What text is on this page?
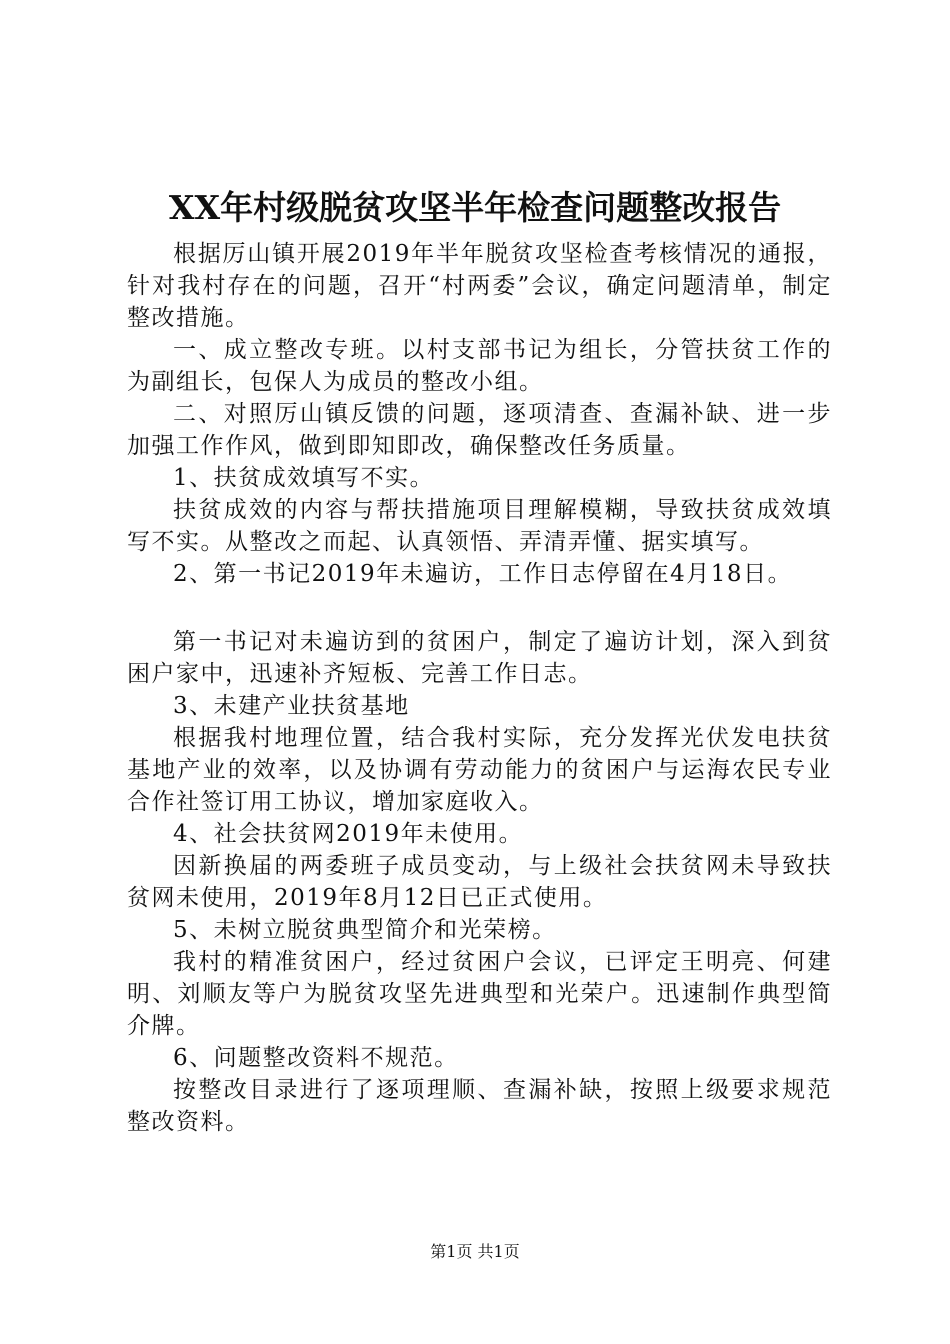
XX年村级脱贫攻坚半年检查问题整改报告

根据厉山镇开展2019年半年脱贫攻坚检查考核情况的通报，针对我村存在的问题，召开“村两委”会议，确定问题清单，制定整改措施。

一、成立整改专班。以村支部书记为组长，分管扶贫工作的为副组长，包保人为成员的整改小组。

二、对照厉山镇反馈的问题，逐项清查、查漏补缺、进一步加强工作作风，做到即知即改，确保整改任务质量。

1、扶贫成效填写不实。

扶贫成效的内容与帮扶措施项目理解模糊，导致扶贫成效填写不实。从整改之而起、认真领悟、弄清弄懂、据实填写。

2、第一书记2019年未遍访，工作日志停留在4月18日。

第一书记对未遍访到的贫困户，制定了遍访计划，深入到贫困户家中，迅速补齐短板、完善工作日志。

3、未建产业扶贫基地

根据我村地理位置，结合我村实际，充分发挥光伏发电扶贫基地产业的效率，以及协调有劳动能力的贫困户与运海农民专业合作社签订用工协议，增加家庭收入。

4、社会扶贫网2019年未使用。

因新换届的两委班子成员变动，与上级社会扶贫网未导致扶贫网未使用，2019年8月12日已正式使用。

5、未树立脱贫典型简介和光荣榜。

我村的精准贫困户，经过贫困户会议，已评定王明亮、何建明、刘顺友等户为脱贫攻坚先进典型和光荣户。迅速制作典型简介牌。

6、问题整改资料不规范。

按整改目录进行了逐项理顺、查漏补缺，按照上级要求规范整改资料。

第1页 共1页
